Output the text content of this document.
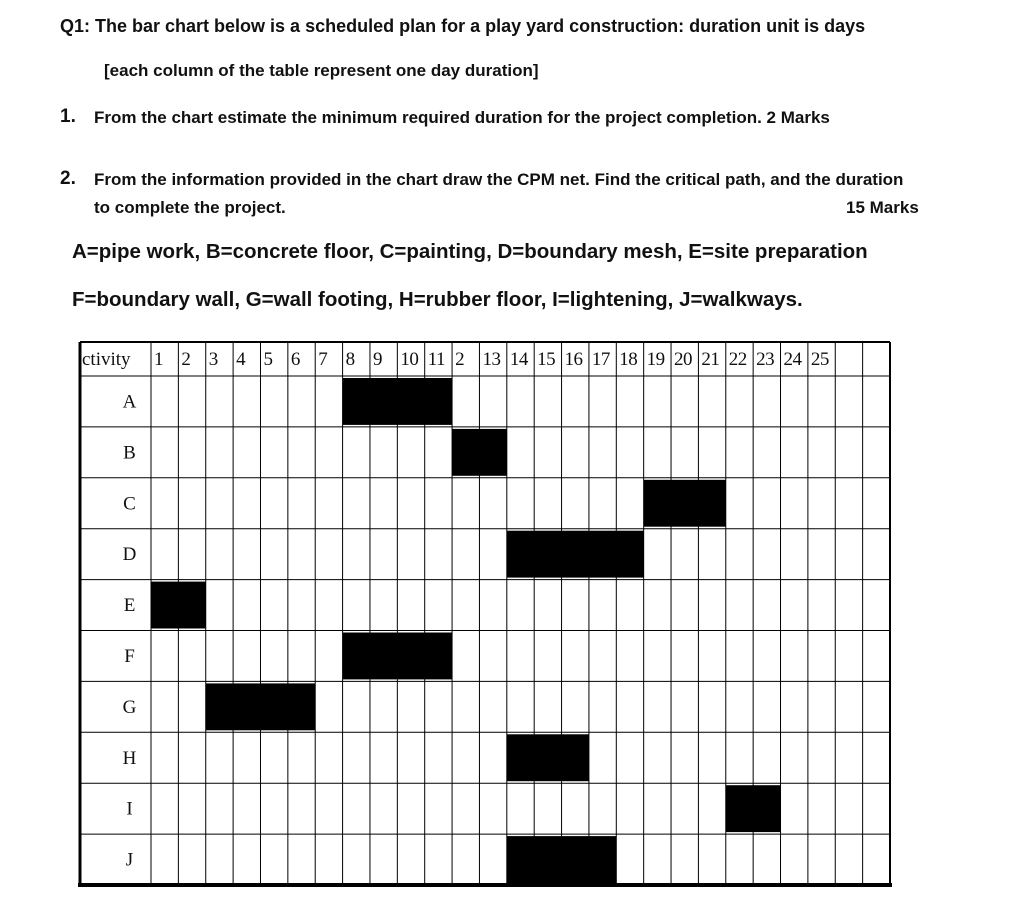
Q1: The bar chart below is a scheduled plan for a play yard construction: duration unit is days
[each column of the table represent one day duration]
1. From the chart estimate the minimum required duration for the project completion. 2 Marks
2. From the information provided in the chart draw the CPM net. Find the critical path, and the duration
to complete the project.	15 Marks
A=pipe work, B=concrete floor, C=painting, D=boundary mesh, E=site preparation
F=boundary wall, G=wall footing, H=rubber floor, I=lightening, J=walkways.
ctivity 1 2 3 4 5 6 7 8 9 10 11 2 13 14 15 16 17 18 19 20 21 22 23 24 25
A
B
C
D
E
F
G
H
I
J
